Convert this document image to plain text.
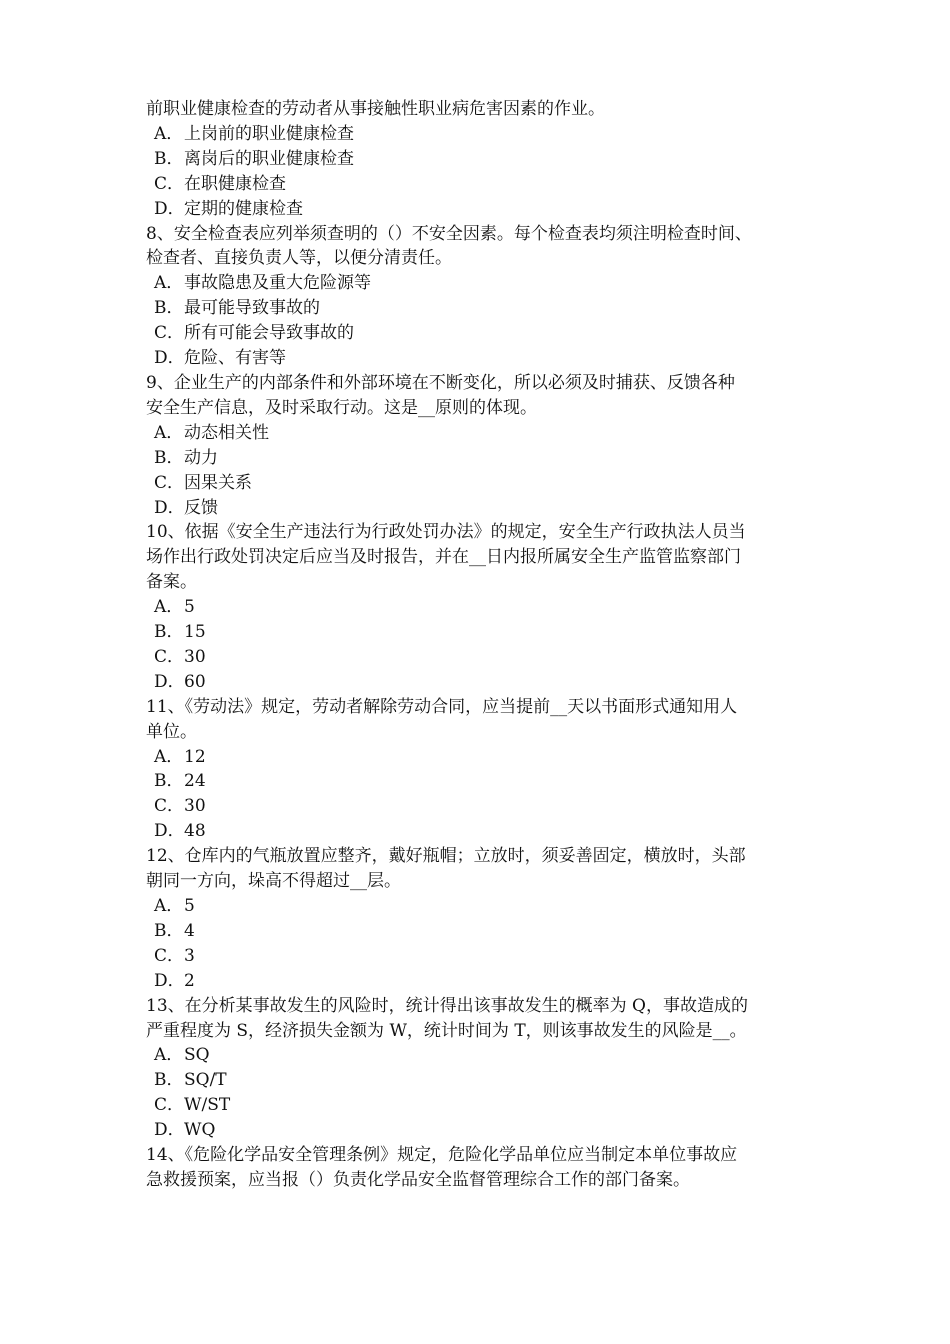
前职业健康检查的劳动者从事接触性职业病危害因素的作业。
A．上岗前的职业健康检查
B．离岗后的职业健康检查
C．在职健康检查
D．定期的健康检查
8、安全检查表应列举须查明的（）不安全因素。每个检查表均须注明检查时间、
检查者、直接负责人等，以便分清责任。
A．事故隐患及重大危险源等
B．最可能导致事故的
C．所有可能会导致事故的
D．危险、有害等
9、企业生产的内部条件和外部环境在不断变化，所以必须及时捕获、反馈各种
安全生产信息，及时采取行动。这是__原则的体现。
A．动态相关性
B．动力
C．因果关系
D．反馈
10、依据《安全生产违法行为行政处罚办法》的规定，安全生产行政执法人员当
场作出行政处罚决定后应当及时报告，并在__日内报所属安全生产监管监察部门
备案。
A．5
B．15
C．30
D．60
11、《劳动法》规定，劳动者解除劳动合同，应当提前__天以书面形式通知用人
单位。
A．12
B．24
C．30
D．48
12、仓库内的气瓶放置应整齐，戴好瓶帽；立放时，须妥善固定，横放时，头部
朝同一方向，垛高不得超过__层。
A．5
B．4
C．3
D．2
13、在分析某事故发生的风险时，统计得出该事故发生的概率为 Q，事故造成的
严重程度为 S，经济损失金额为 W，统计时间为 T，则该事故发生的风险是__。
A．SQ
B．SQ/T
C．W/ST
D．WQ
14、《危险化学品安全管理条例》规定，危险化学品单位应当制定本单位事故应
急救援预案，应当报（）负责化学品安全监督管理综合工作的部门备案。
